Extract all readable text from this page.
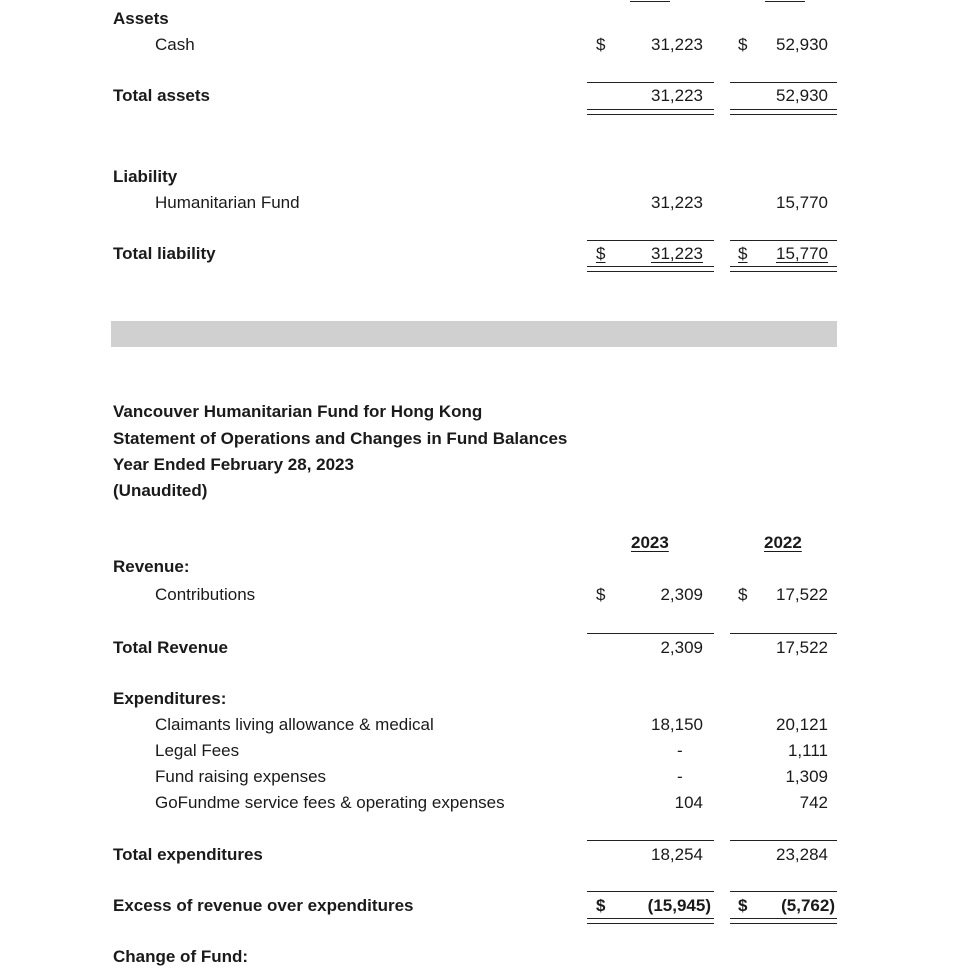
Assets
Cash	$	31,223 $ 52,930
Total assets	31,223	52,930
Liability
Humanitarian Fund	31,223	15,770
Total liability	$	31,223 $ 15,770
Vancouver Humanitarian Fund for Hong Kong
Statement of Operations and Changes in Fund Balances
Year Ended February 28, 2023
(Unaudited)
2023	2022
Revenue:
Contributions	$	2,309 $ 17,522
Total Revenue	2,309	17,522
Expenditures:
Claimants living allowance & medical	18,150	20,121
Legal Fees	-	1,111
Fund raising expenses	-	1,309
GoFundme service fees & operating expenses	104	742
Total expenditures	18,254	23,284
Excess of revenue over expenditures	$ (15,945) $ (5,762)
Change of Fund:
